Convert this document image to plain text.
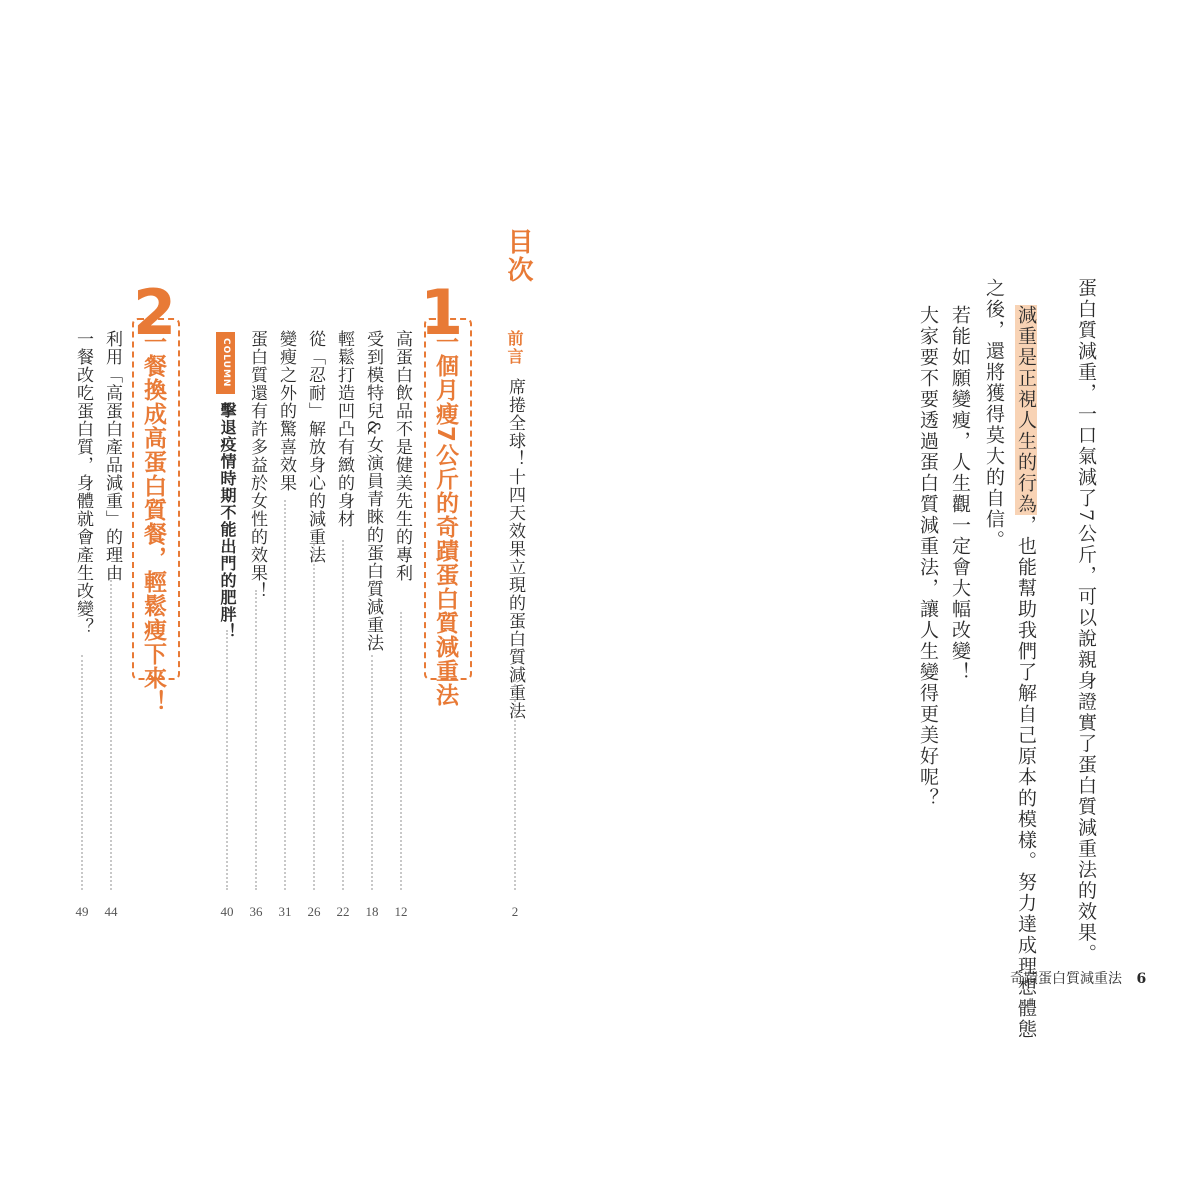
蛋白質減重，一口氣減了7公斤，可以說親身證實了蛋白質減重法的效果。
減重是正視人生的行為，也能幫助我們了解自己原本的模樣。努力達成理想體態
之後，還將獲得莫大的自信。
若能如願變瘦，人生觀一定會大幅改變！
大家要不要透過蛋白質減重法，讓人生變得更美好呢？
奇蹟蛋白質減重法 6
目次
前言
席捲全球！十四天效果立現的蛋白質減重法
2
1
一個月瘦7公斤的奇蹟蛋白質減重法
高蛋白飲品不是健美先生的專利
12
受到模特兒&女演員青睞的蛋白質減重法
18
輕鬆打造凹凸有緻的身材
22
從「忍耐」解放身心的減重法
26
變瘦之外的驚喜效果
31
蛋白質還有許多益於女性的效果！
36
COLUMN
擊退疫情時期不能出門的肥胖！
40
2
一餐換成高蛋白質餐，輕鬆瘦下來！
利用「高蛋白產品減重」的理由
44
一餐改吃蛋白質，身體就會產生改變？
49
